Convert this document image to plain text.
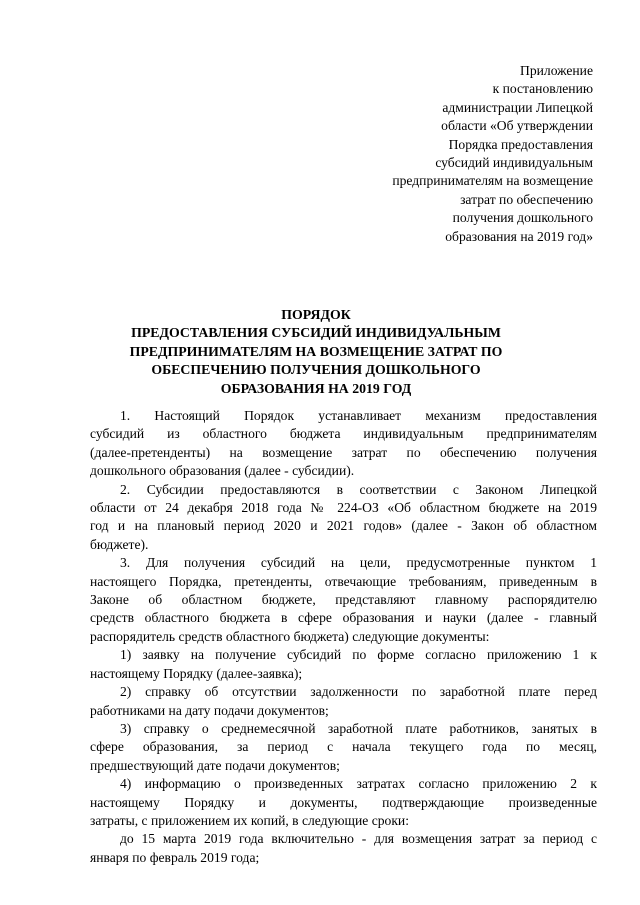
Приложение
к постановлению
администрации Липецкой
области «Об утверждении
Порядка предоставления
субсидий индивидуальным
предпринимателям на возмещение
затрат по обеспечению
получения дошкольного
образования на 2019 год»
ПОРЯДОК
ПРЕДОСТАВЛЕНИЯ СУБСИДИЙ ИНДИВИДУАЛЬНЫМ
ПРЕДПРИНИМАТЕЛЯМ НА ВОЗМЕЩЕНИЕ ЗАТРАТ ПО
ОБЕСПЕЧЕНИЮ ПОЛУЧЕНИЯ ДОШКОЛЬНОГО
ОБРАЗОВАНИЯ НА 2019 ГОД

1. Настоящий Порядок устанавливает механизм предоставления
субсидий из областного бюджета индивидуальным предпринимателям
(далее-претенденты) на возмещение затрат по обеспечению получения
дошкольного образования (далее - субсидии).

2. Субсидии предоставляются в соответствии с Законом Липецкой
области от 24 декабря 2018 года № 224-ОЗ «Об областном бюджете на 2019
год и на плановый период 2020 и 2021 годов» (далее - Закон об областном
бюджете).

3. Для получения субсидий на цели, предусмотренные пунктом 1
настоящего Порядка, претенденты, отвечающие требованиям, приведенным в
Законе об областном бюджете, представляют главному распорядителю
средств областного бюджета в сфере образования и науки (далее - главный
распорядитель средств областного бюджета) следующие документы:

1) заявку на получение субсидий по форме согласно приложению 1 к
настоящему Порядку (далее-заявка);

2) справку об отсутствии задолженности по заработной плате перед
работниками на дату подачи документов;

3) справку о среднемесячной заработной плате работников, занятых в
сфере образования, за период с начала текущего года по месяц,
предшествующий дате подачи документов;

4) информацию о произведенных затратах согласно приложению 2 к
настоящему Порядку и документы, подтверждающие произведенные
затраты, с приложением их копий, в следующие сроки:

до 15 марта 2019 года включительно - для возмещения затрат за период с
января по февраль 2019 года;
